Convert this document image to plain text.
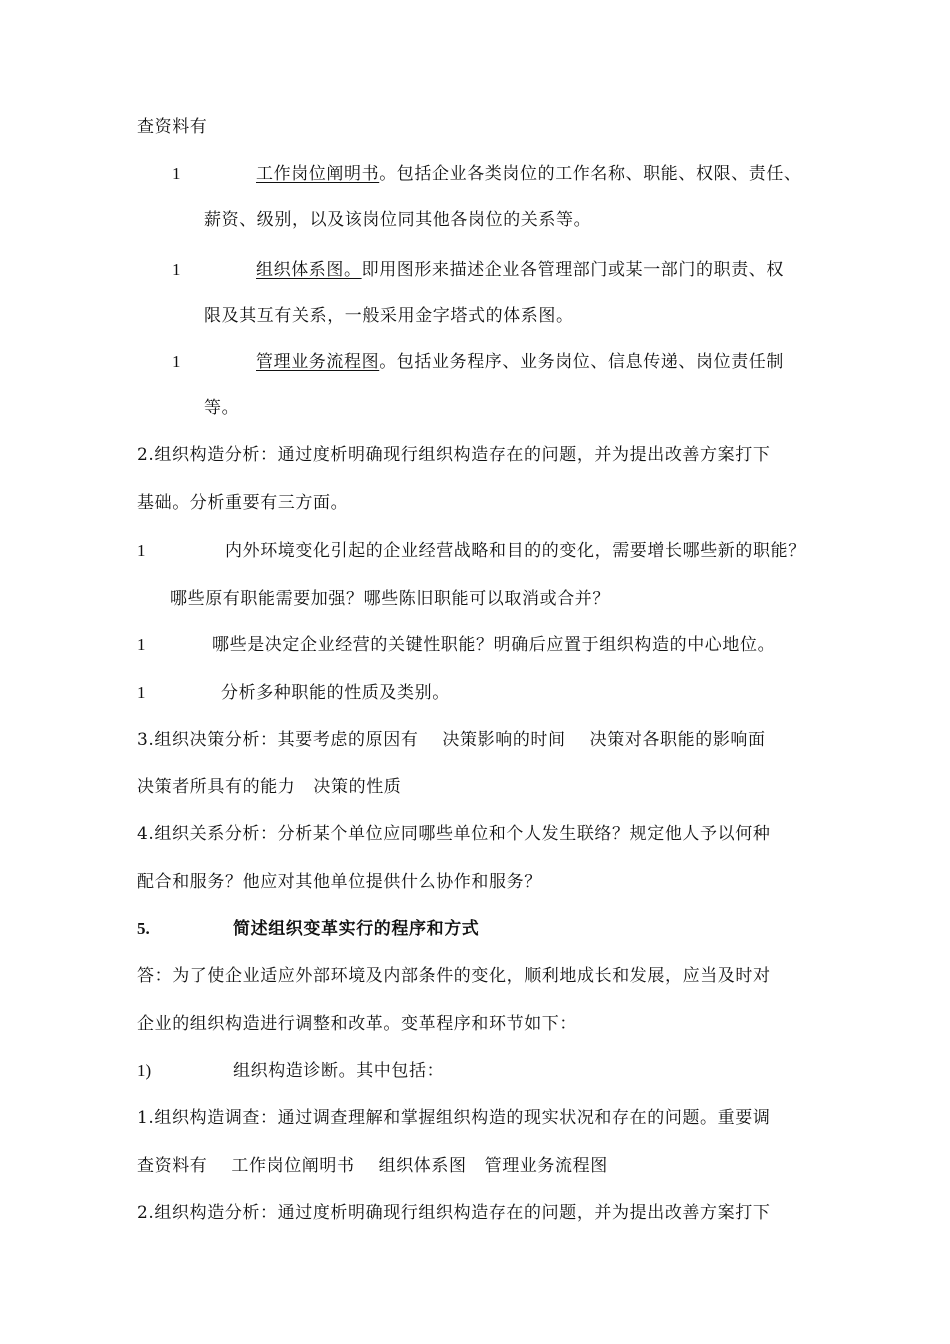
查资料有
1	工作岗位阐明书。包括企业各类岗位的工作名称、职能、权限、责任、
薪资、级别，以及该岗位同其他各岗位的关系等。
1	组织体系图。即用图形来描述企业各管理部门或某一部门的职责、权
限及其互有关系，一般采用金字塔式的体系图。
1	管理业务流程图。包括业务程序、业务岗位、信息传递、岗位责任制
等。
2.组织构造分析：通过度析明确现行组织构造存在的问题，并为提出改善方案打下
基础。分析重要有三方面。
1	内外环境变化引起的企业经营战略和目的的变化，需要增长哪些新的职能？
哪些原有职能需要加强？哪些陈旧职能可以取消或合并？
1	哪些是决定企业经营的关键性职能？明确后应置于组织构造的中心地位。
1	分析多种职能的性质及类别。
3.组织决策分析：其要考虑的原因有 决策影响的时间 决策对各职能的影响面
决策者所具有的能力 决策的性质
4.组织关系分析：分析某个单位应同哪些单位和个人发生联络？规定他人予以何种
配合和服务？他应对其他单位提供什么协作和服务？
5.	简述组织变革实行的程序和方式
答：为了使企业适应外部环境及内部条件的变化，顺利地成长和发展，应当及时对
企业的组织构造进行调整和改革。变革程序和环节如下：
1)	组织构造诊断。其中包括：
1.组织构造调查：通过调查理解和掌握组织构造的现实状况和存在的问题。重要调
查资料有 工作岗位阐明书 组织体系图 管理业务流程图
2.组织构造分析：通过度析明确现行组织构造存在的问题，并为提出改善方案打下
